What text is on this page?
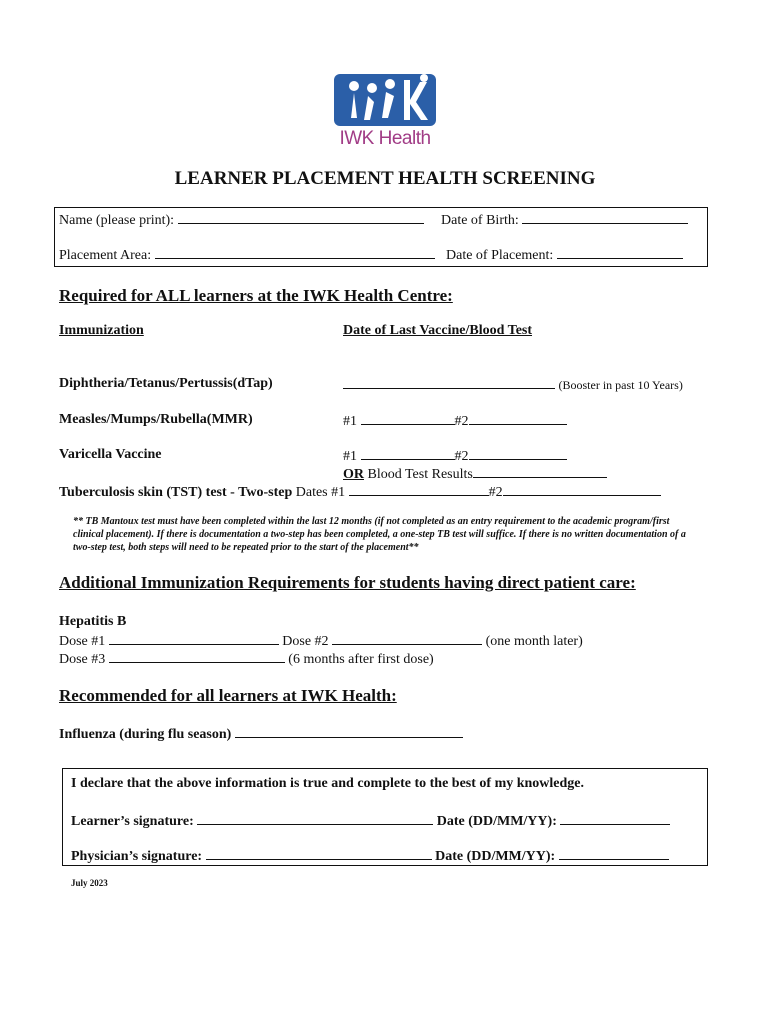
IWK Health
LEARNER PLACEMENT HEALTH SCREENING
Name (please print):	Date of Birth:
Placement Area:	Date of Placement:
Required for ALL learners at the IWK Health Centre:
Immunization	Date of Last Vaccine/Blood Test
Diphtheria/Tetanus/Pertussis(dTap)	(Booster in past 10 Years)
Measles/Mumps/Rubella(MMR)	#1	#2
Varicella Vaccine	#1	#2
OR Blood Test Results
Tuberculosis skin (TST) test - Two-step Dates #1	#2
** TB Mantoux test must have been completed within the last 12 months (if not completed as an entry requirement to the academic program/first clinical placement). If there is documentation a two-step has been completed, a one-step TB test will suffice. If there is no written documentation of a two-step test, both steps will need to be repeated prior to the start of the placement**
Additional Immunization Requirements for students having direct patient care:
Hepatitis B
Dose #1	Dose #2	(one month later)
Dose #3	(6 months after first dose)
Recommended for all learners at IWK Health:
Influenza (during flu season)
I declare that the above information is true and complete to the best of my knowledge.
Learner’s signature:	Date (DD/MM/YY):
Physician’s signature:	Date (DD/MM/YY):
July 2023
